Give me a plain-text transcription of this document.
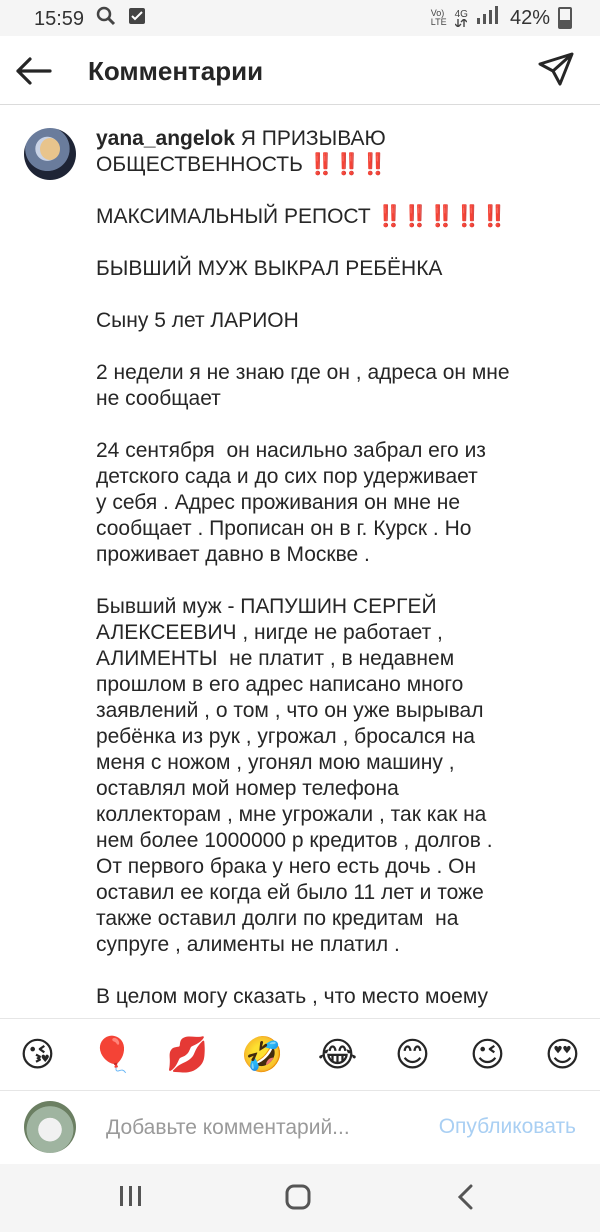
15:59	Vo)
LTE
4G 42%
Комментарии
yana_angelok Я ПРИЗЫВАЮ
ОБЩЕСТВЕННОСТЬ ‼️‼️‼️

МАКСИМАЛЬНЫЙ РЕПОСТ ‼️‼️‼️‼️‼️

БЫВШИЙ МУЖ ВЫКРАЛ РЕБЁНКА

Сыну 5 лет ЛАРИОН

2 недели я не знаю где он , адреса он мне
не сообщает

24 сентября  он насильно забрал его из
детского сада и до сих пор удерживает
у себя . Адрес проживания он мне не
сообщает . Прописан он в г. Курск . Но
проживает давно в Москве .

Бывший муж - ПАПУШИН СЕРГЕЙ
АЛЕКСЕЕВИЧ , нигде не работает ,
АЛИМЕНТЫ  не платит , в недавнем
прошлом в его адрес написано много
заявлений , о том , что он уже вырывал
ребёнка из рук , угрожал , бросался на
меня с ножом , угонял мою машину ,
оставлял мой номер телефона
коллекторам , мне угрожали , так как на
нем более 1000000 р кредитов , долгов .
От первого брака у него есть дочь . Он
оставил ее когда ей было 11 лет и тоже
также оставил долги по кредитам  на
супруге , алименты не платил .

В целом могу сказать , что место моему
😘	🎈 💋 🤣 😂	😊	😉	😍
Добавьте комментарий...
Опубликовать
